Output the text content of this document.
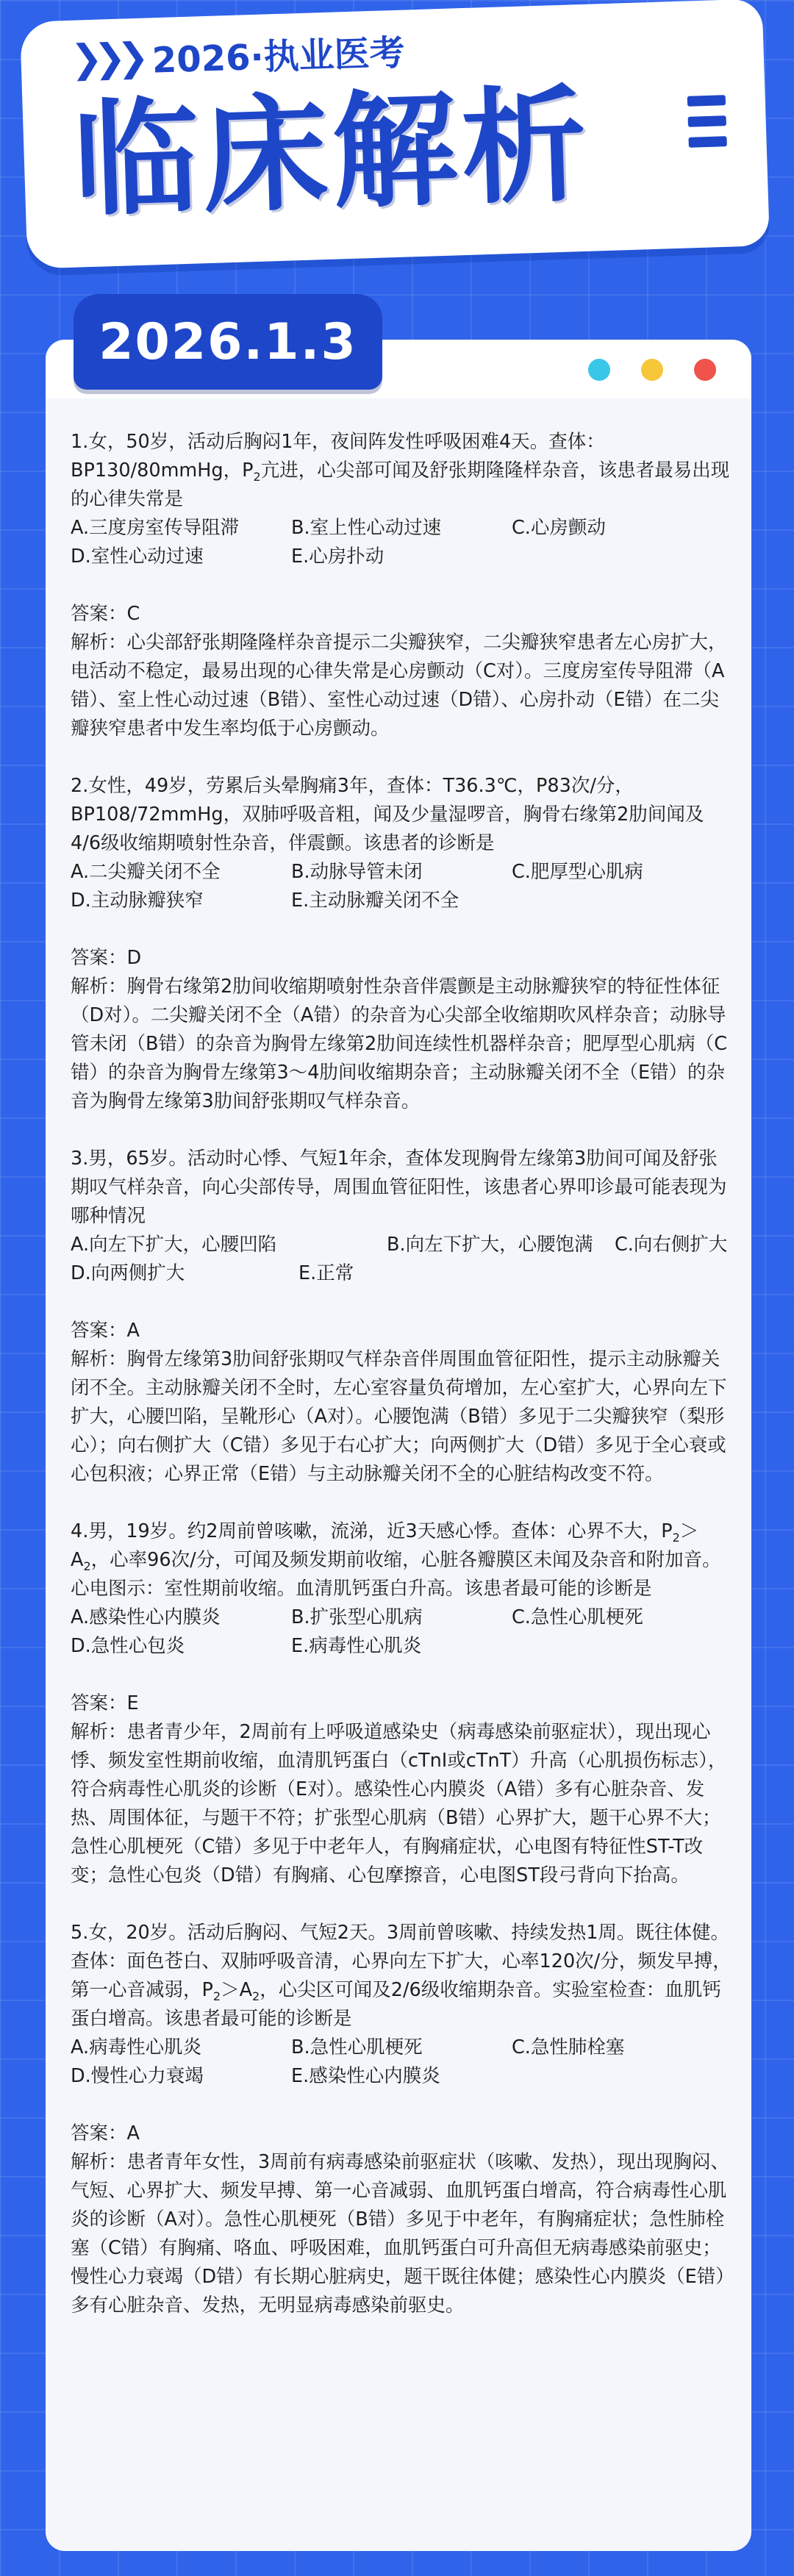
❯❯❯ 2026·执业医考
临床解析
2026.1.3

1.女，50岁，活动后胸闷1年，夜间阵发性呼吸困难4天。查体：BP130/80mmHg，$P_2$亢进，心尖部可闻及舒张期隆隆样杂音，该患者最易出现的心律失常是

A.三度房室传导阻滞	B.室上性心动过速	C.心房颤动
D.室性心动过速	E.心房扑动
答案：C
解析：心尖部舒张期隆隆样杂音提示二尖瓣狭窄，二尖瓣狭窄患者左心房扩大，电活动不稳定，最易出现的心律失常是心房颤动（C对）。三度房室传导阻滞（A错）、室上性心动过速（B错）、室性心动过速（D错）、心房扑动（E错）在二尖瓣狭窄患者中发生率均低于心房颤动。

2.女性，49岁，劳累后头晕胸痛3年，查体：T36.3℃，P83次/分，BP108/72mmHg，双肺呼吸音粗，闻及少量湿啰音，胸骨右缘第2肋间闻及4/6级收缩期喷射性杂音，伴震颤。该患者的诊断是

A.二尖瓣关闭不全	B.动脉导管未闭	C.肥厚型心肌病
D.主动脉瓣狭窄	E.主动脉瓣关闭不全
答案：D
解析：胸骨右缘第2肋间收缩期喷射性杂音伴震颤是主动脉瓣狭窄的特征性体征（D对）。二尖瓣关闭不全（A错）的杂音为心尖部全收缩期吹风样杂音；动脉导管未闭（B错）的杂音为胸骨左缘第2肋间连续性机器样杂音；肥厚型心肌病（C错）的杂音为胸骨左缘第3～4肋间收缩期杂音；主动脉瓣关闭不全（E错）的杂音为胸骨左缘第3肋间舒张期叹气样杂音。

3.男，65岁。活动时心悸、气短1年余，查体发现胸骨左缘第3肋间可闻及舒张期叹气样杂音，向心尖部传导，周围血管征阳性，该患者心界叩诊最可能表现为哪种情况

A.向左下扩大，心腰凹陷	B.向左下扩大，心腰饱满	C.向右侧扩大
D.向两侧扩大	E.正常
答案：A
解析：胸骨左缘第3肋间舒张期叹气样杂音伴周围血管征阳性，提示主动脉瓣关闭不全。主动脉瓣关闭不全时，左心室容量负荷增加，左心室扩大，心界向左下扩大，心腰凹陷，呈靴形心（A对）。心腰饱满（B错）多见于二尖瓣狭窄（梨形心）；向右侧扩大（C错）多见于右心扩大；向两侧扩大（D错）多见于全心衰或心包积液；心界正常（E错）与主动脉瓣关闭不全的心脏结构改变不符。

4.男，19岁。约2周前曾咳嗽，流涕，近3天感心悸。查体：心界不大，$P_2>A_2$，心率96次/分，可闻及频发期前收缩，心脏各瓣膜区未闻及杂音和附加音。心电图示：室性期前收缩。血清肌钙蛋白升高。该患者最可能的诊断是

A.感染性心内膜炎	B.扩张型心肌病	C.急性心肌梗死
D.急性心包炎	E.病毒性心肌炎
答案：E
解析：患者青少年，2周前有上呼吸道感染史（病毒感染前驱症状），现出现心悸、频发室性期前收缩，血清肌钙蛋白（cTnI或cTnT）升高（心肌损伤标志），符合病毒性心肌炎的诊断（E对）。感染性心内膜炎（A错）多有心脏杂音、发热、周围体征，与题干不符；扩张型心肌病（B错）心界扩大，题干心界不大；急性心肌梗死（C错）多见于中老年人，有胸痛症状，心电图有特征性ST-T改变；急性心包炎（D错）有胸痛、心包摩擦音，心电图ST段弓背向下抬高。

5.女，20岁。活动后胸闷、气短2天。3周前曾咳嗽、持续发热1周。既往体健。查体：面色苍白、双肺呼吸音清，心界向左下扩大，心率120次/分，频发早搏，第一心音减弱，$P_2>A_2$，心尖区可闻及2/6级收缩期杂音。实验室检查：血肌钙蛋白增高。该患者最可能的诊断是

A.病毒性心肌炎	B.急性心肌梗死	C.急性肺栓塞
D.慢性心力衰竭	E.感染性心内膜炎
答案：A
解析：患者青年女性，3周前有病毒感染前驱症状（咳嗽、发热），现出现胸闷、气短、心界扩大、频发早搏、第一心音减弱、血肌钙蛋白增高，符合病毒性心肌炎的诊断（A对）。急性心肌梗死（B错）多见于中老年，有胸痛症状；急性肺栓塞（C错）有胸痛、咯血、呼吸困难，血肌钙蛋白可升高但无病毒感染前驱史；慢性心力衰竭（D错）有长期心脏病史，题干既往体健；感染性心内膜炎（E错）多有心脏杂音、发热，无明显病毒感染前驱史。
